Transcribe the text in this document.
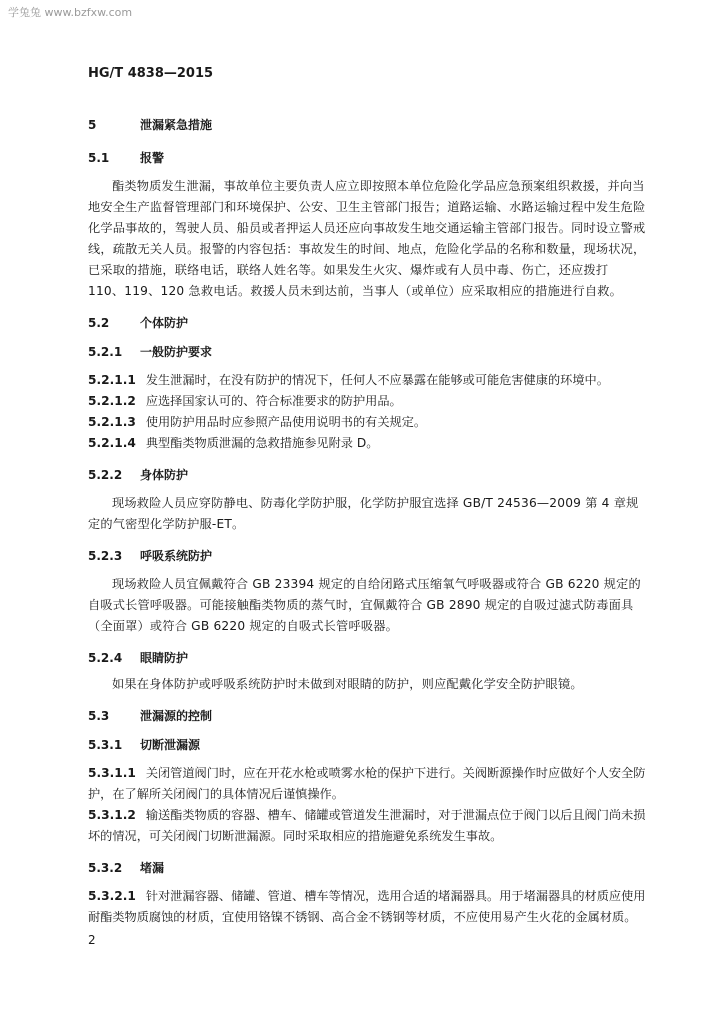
学兔兔 www.bzfxw.com
HG/T 4838—2015
5	泄漏紧急措施
5.1	报警

酯类物质发生泄漏，事故单位主要负责人应立即按照本单位危险化学品应急预案组织救援，并向当地安全生产监督管理部门和环境保护、公安、卫生主管部门报告；道路运输、水路运输过程中发生危险化学品事故的，驾驶人员、船员或者押运人员还应向事故发生地交通运输主管部门报告。同时设立警戒线，疏散无关人员。报警的内容包括：事故发生的时间、地点，危险化学品的名称和数量，现场状况，已采取的措施，联络电话，联络人姓名等。如果发生火灾、爆炸或有人员中毒、伤亡，还应拨打 110、119、120 急救电话。救援人员未到达前，当事人（或单位）应采取相应的措施进行自救。

5.2	个体防护
5.2.1 一般防护要求

5.2.1.1 发生泄漏时，在没有防护的情况下，任何人不应暴露在能够或可能危害健康的环境中。

5.2.1.2 应选择国家认可的、符合标准要求的防护用品。

5.2.1.3 使用防护用品时应参照产品使用说明书的有关规定。

5.2.1.4 典型酯类物质泄漏的急救措施参见附录 D。

5.2.2 身体防护

现场救险人员应穿防静电、防毒化学防护服，化学防护服宜选择 GB/T 24536—2009 第 4 章规定的气密型化学防护服-ET。

5.2.3 呼吸系统防护

现场救险人员宜佩戴符合 GB 23394 规定的自给闭路式压缩氧气呼吸器或符合 GB 6220 规定的自吸式长管呼吸器。可能接触酯类物质的蒸气时，宜佩戴符合 GB 2890 规定的自吸过滤式防毒面具（全面罩）或符合 GB 6220 规定的自吸式长管呼吸器。

5.2.4 眼睛防护

如果在身体防护或呼吸系统防护时未做到对眼睛的防护，则应配戴化学安全防护眼镜。

5.3	泄漏源的控制
5.3.1 切断泄漏源

5.3.1.1 关闭管道阀门时，应在开花水枪或喷雾水枪的保护下进行。关阀断源操作时应做好个人安全防护，在了解所关闭阀门的具体情况后谨慎操作。

5.3.1.2 输送酯类物质的容器、槽车、储罐或管道发生泄漏时，对于泄漏点位于阀门以后且阀门尚未损坏的情况，可关闭阀门切断泄漏源。同时采取相应的措施避免系统发生事故。

5.3.2 堵漏

5.3.2.1 针对泄漏容器、储罐、管道、槽车等情况，选用合适的堵漏器具。用于堵漏器具的材质应使用耐酯类物质腐蚀的材质，宜使用铬镍不锈钢、高合金不锈钢等材质，不应使用易产生火花的金属材质。

2
